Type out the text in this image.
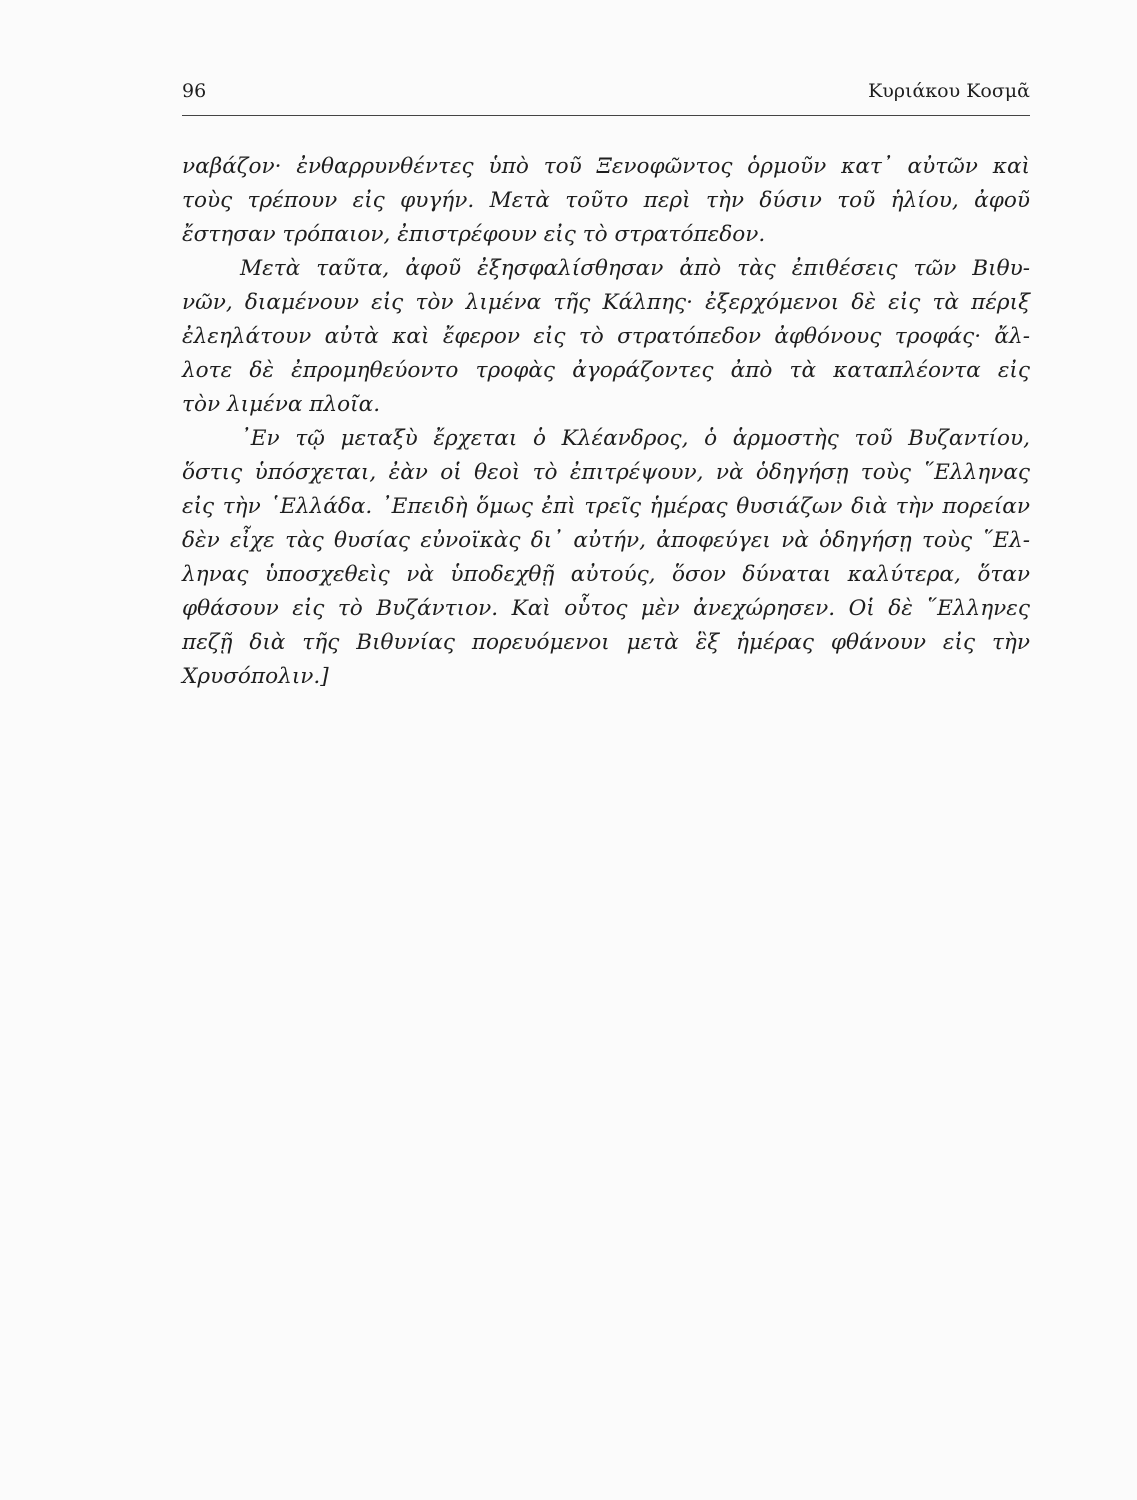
96	Κυριάκου Κοσμᾶ
ναβάζον· ἐνθαρρυνθέντες ὑπὸ τοῦ Ξενοφῶντος ὁρμοῦν κατ᾽ αὐτῶν καὶ
τοὺς τρέπουν εἰς φυγήν. Μετὰ τοῦτο περὶ τὴν δύσιν τοῦ ἡλίου, ἀφοῦ
ἔστησαν τρόπαιον, ἐπιστρέφουν εἰς τὸ στρατόπεδον.
Μετὰ ταῦτα, ἀφοῦ ἐξησφαλίσθησαν ἀπὸ τὰς ἐπιθέσεις τῶν Βιθυ-
νῶν, διαμένουν εἰς τὸν λιμένα τῆς Κάλπης· ἐξερχόμενοι δὲ εἰς τὰ πέριξ
ἐλεηλάτουν αὐτὰ καὶ ἔφερον εἰς τὸ στρατόπεδον ἀφθόνους τροφάς· ἄλ-
λοτε δὲ ἐπρομηθεύοντο τροφὰς ἀγοράζοντες ἀπὸ τὰ καταπλέοντα εἰς
τὸν λιμένα πλοῖα.
᾽Εν τῷ μεταξὺ ἔρχεται ὁ Κλέανδρος, ὁ ἁρμοστὴς τοῦ Βυζαντίου,
ὅστις ὑπόσχεται, ἐὰν οἱ θεοὶ τὸ ἐπιτρέψουν, νὰ ὁδηγήσῃ τοὺς ῞Ελληνας
εἰς τὴν ῾Ελλάδα. ᾽Επειδὴ ὅμως ἐπὶ τρεῖς ἡμέρας θυσιάζων διὰ τὴν πορείαν
δὲν εἶχε τὰς θυσίας εὐνοϊκὰς δι᾽ αὐτήν, ἀποφεύγει νὰ ὁδηγήσῃ τοὺς ῞Ελ-
ληνας ὑποσχεθεὶς νὰ ὑποδεχθῇ αὐτούς, ὅσον δύναται καλύτερα, ὅταν
φθάσουν εἰς τὸ Βυζάντιον. Καὶ οὗτος μὲν ἀνεχώρησεν. Οἱ δὲ ῞Ελληνες
πεζῇ διὰ τῆς Βιθυνίας πορευόμενοι μετὰ ἓξ ἡμέρας φθάνουν εἰς τὴν
Χρυσόπολιν.]
